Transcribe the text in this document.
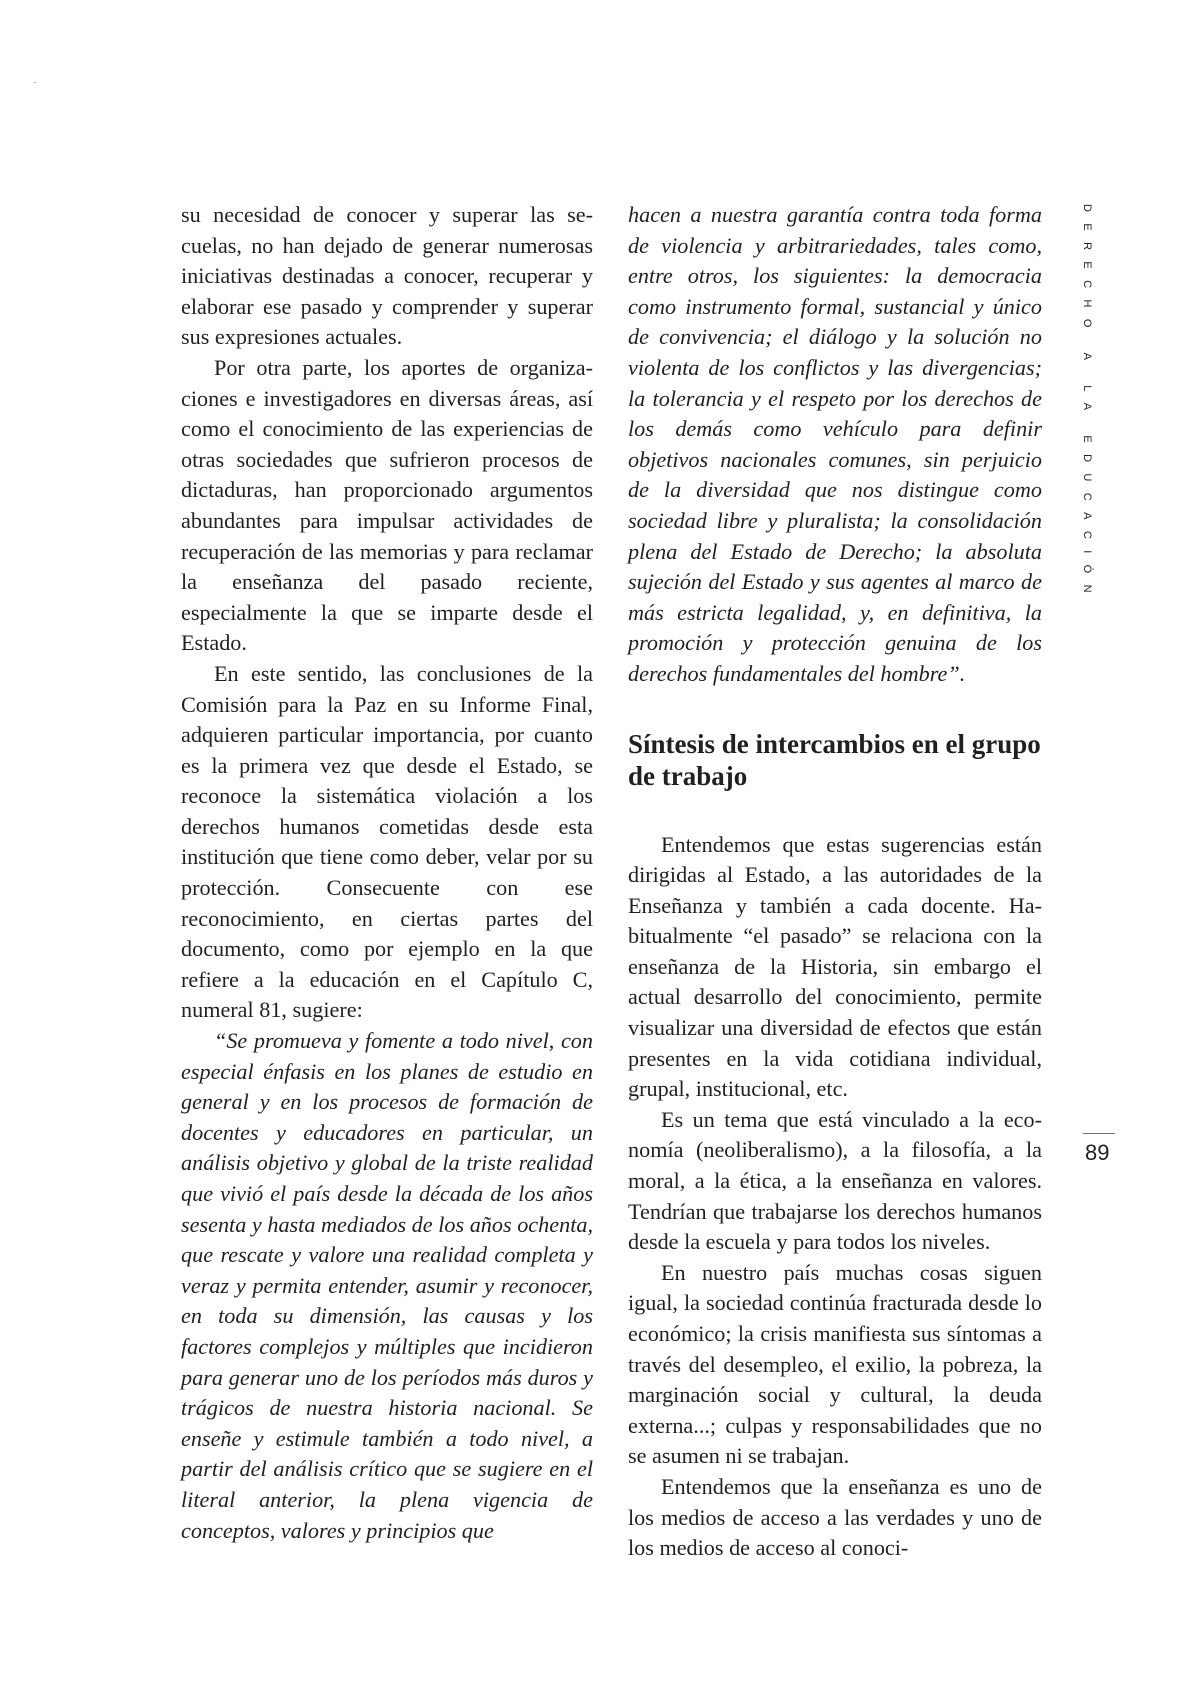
su necesidad de conocer y superar las secuelas, no han dejado de generar numerosas iniciativas destinadas a conocer, recuperar y elaborar ese pasado y comprender y superar sus expresiones actuales.

Por otra parte, los aportes de organizaciones e investigadores en diversas áreas, así como el conocimiento de las experiencias de otras sociedades que sufrieron procesos de dictaduras, han proporcionado argumentos abundantes para impulsar actividades de recuperación de las memorias y para reclamar la enseñanza del pasado reciente, especialmente la que se imparte desde el Estado.

En este sentido, las conclusiones de la Comisión para la Paz en su Informe Final, adquieren particular importancia, por cuanto es la primera vez que desde el Estado, se reconoce la sistemática violación a los derechos humanos cometidas desde esta institución que tiene como deber, velar por su protección. Consecuente con ese reconocimiento, en ciertas partes del documento, como por ejemplo en la que refiere a la educación en el Capítulo C, numeral 81, sugiere:

“Se promueva y fomente a todo nivel, con especial énfasis en los planes de estudio en general y en los procesos de formación de docentes y educadores en particular, un análisis objetivo y global de la triste realidad que vivió el país desde la década de los años sesenta y hasta mediados de los años ochenta, que rescate y valore una realidad completa y veraz y permita entender, asumir y reconocer, en toda su dimensión, las causas y los factores complejos y múltiples que incidieron para generar uno de los períodos más duros y trágicos de nuestra historia nacional. Se enseñe y estimule también a todo nivel, a partir del análisis crítico que se sugiere en el literal anterior, la plena vigencia de conceptos, valores y principios que

hacen a nuestra garantía contra toda forma de violencia y arbitrariedades, tales como, entre otros, los siguientes: la democracia como instrumento formal, sustancial y único de convivencia; el diálogo y la solución no violenta de los conflictos y las divergencias; la tolerancia y el respeto por los derechos de los demás como vehículo para definir objetivos nacionales comunes, sin perjuicio de la diversidad que nos distingue como sociedad libre y pluralista; la consolidación plena del Estado de Derecho; la absoluta sujeción del Estado y sus agentes al marco de más estricta legalidad, y, en definitiva, la promoción y protección genuina de los derechos fundamentales del hombre”.

Síntesis de intercambios en el grupo de trabajo

Entendemos que estas sugerencias están dirigidas al Estado, a las autoridades de la Enseñanza y también a cada docente. Habitualmente “el pasado” se relaciona con la enseñanza de la Historia, sin embargo el actual desarrollo del conocimiento, permite visualizar una diversidad de efectos que están presentes en la vida cotidiana individual, grupal, institucional, etc.

Es un tema que está vinculado a la economía (neoliberalismo), a la filosofía, a la moral, a la ética, a la enseñanza en valores. Tendrían que trabajarse los derechos humanos desde la escuela y para todos los niveles.

En nuestro país muchas cosas siguen igual, la sociedad continúa fracturada desde lo económico; la crisis manifiesta sus síntomas a través del desempleo, el exilio, la pobreza, la marginación social y cultural, la deuda externa...; culpas y responsabilidades que no se asumen ni se trabajan.

Entendemos que la enseñanza es uno de los medios de acceso a las verdades y uno de los medios de acceso al conoci-

DERECHO A LA EDUCACIÓN
89
